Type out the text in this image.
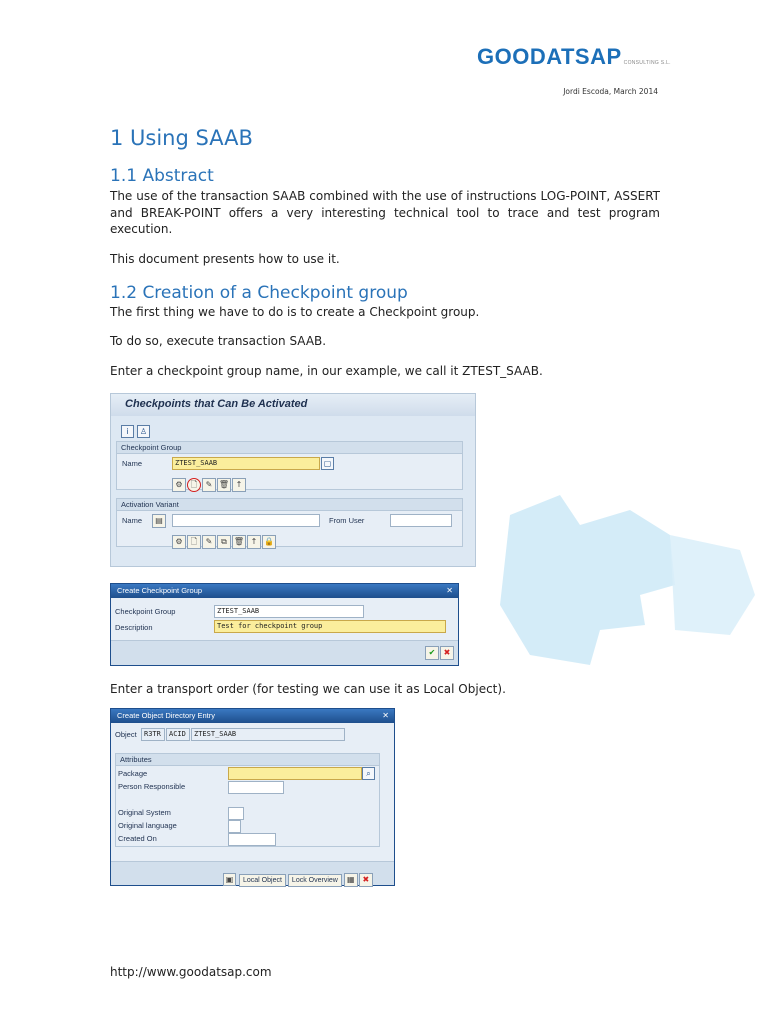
GOODATSAP CONSULTING S.L.
Jordi Escoda, March 2014
1 Using SAAB
1.1 Abstract
The use of the transaction SAAB combined with the use of instructions LOG-POINT, ASSERT and BREAK-POINT offers a very interesting technical tool to trace and test program execution.
This document presents how to use it.
1.2 Creation of a Checkpoint group
The first thing we have to do is to create a Checkpoint group.
To do so, execute transaction SAAB.
Enter a checkpoint group name, in our example, we call it ZTEST_SAAB.
Checkpoints that Can Be Activated
i ♙
Checkpoint Group
Name	ZTEST_SAAB	▢
⚙ 🗋 ✎ 🗑 ↑
Activation Variant
Name	▤	From User
⚙ 🗋 ✎ ⧉ 🗑 ↑ 🔒
Create Checkpoint Group	✕
Checkpoint Group	ZTEST_SAAB
Description	Test for checkpoint group
✔	✖
Enter a transport order (for testing we can use it as Local Object).
Create Object Directory Entry	✕
Object	R3TR	ACID	ZTEST_SAAB
Attributes
Package	⌕
Person Responsible
Original System
Original language
Created On
▣ Local Object Lock Overview ▦ ✖
http://www.goodatsap.com
